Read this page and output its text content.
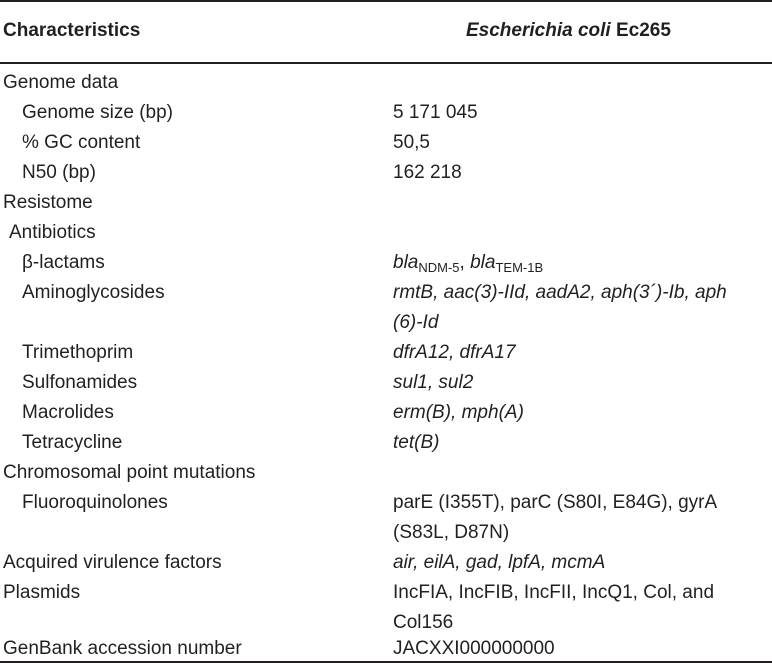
Characteristics	Escherichia coli Ec265
Genome data
Genome size (bp)	5 171 045
% GC content	50,5
N50 (bp)	162 218
Resistome
Antibiotics
β-lactams	bla$_{NDM-5}$, bla$_{TEM-1B}$
Aminoglycosides	rmtB, aac(3)-IId, aadA2, aph(3´)-Ib, aph
(6)-Id
Trimethoprim	dfrA12, dfrA17
Sulfonamides	sul1, sul2
Macrolides	erm(B), mph(A)
Tetracycline	tet(B)
Chromosomal point mutations
Fluoroquinolones	parE (I355T), parC (S80I, E84G), gyrA
(S83L, D87N)
Acquired virulence factors	air, eilA, gad, lpfA, mcmA
Plasmids	IncFIA, IncFIB, IncFII, IncQ1, Col, and
Col156
GenBank accession number	JACXXI000000000
